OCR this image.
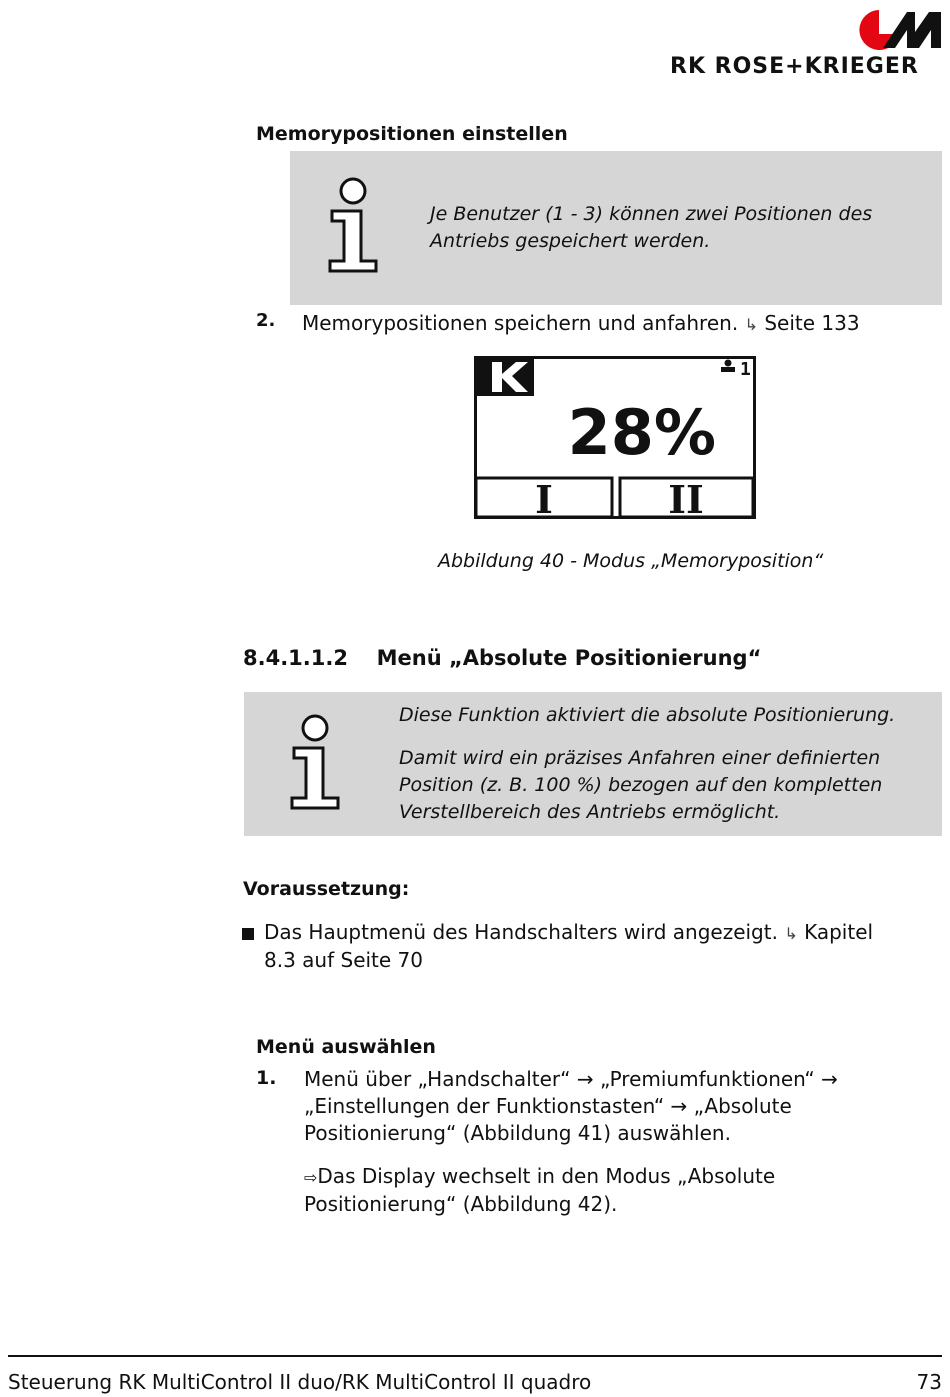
RK ROSE+KRIEGER
Memorypositionen einstellen
Je Benutzer (1 - 3) können zwei Positionen des Antriebs gespeichert werden.
2. Memorypositionen speichern und anfahren. ↳ Seite 133
1
28%
I	II
Abbildung 40 - Modus „Memoryposition“
8.4.1.1.2 Menü „Absolute Positionierung“
Diese Funktion aktiviert die absolute Positionierung.
Damit wird ein präzises Anfahren einer definierten Position (z. B. 100 %) bezogen auf den kompletten Verstellbereich des Antriebs ermöglicht.
Voraussetzung:
Das Hauptmenü des Handschalters wird angezeigt. ↳ Kapitel 8.3 auf Seite 70
Menü auswählen
1. Menü über „Handschalter“ → „Premiumfunktionen“ → „Einstellungen der Funktionstasten“ → „Absolute Positionierung“ (Abbildung 41) auswählen.
⇨Das Display wechselt in den Modus „Absolute Positionierung“ (Abbildung 42).
Steuerung RK MultiControl II duo/RK MultiControl II quadro	73
